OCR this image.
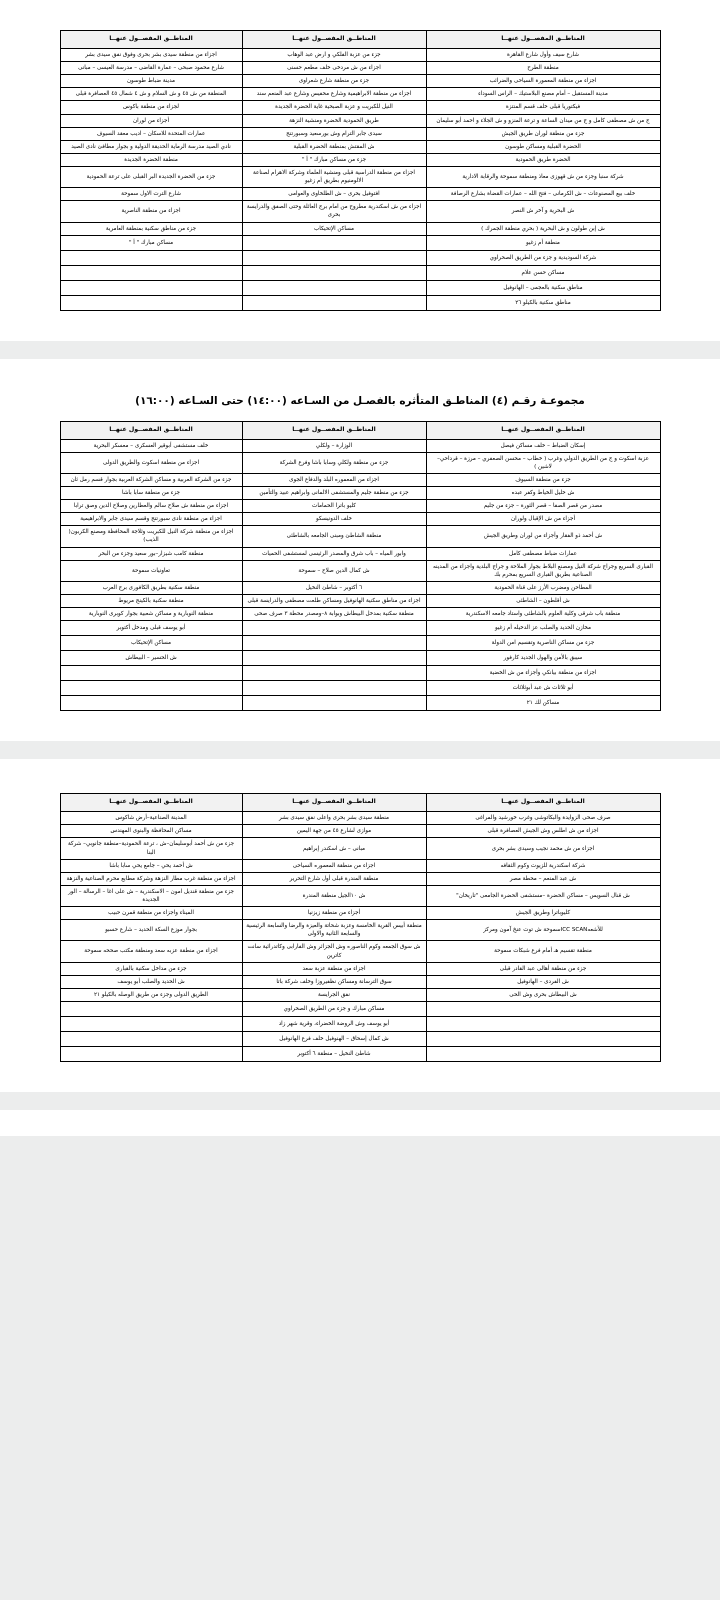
المناطــق المفصــول عنهــا	المناطــق المفصــول عنهــا	المناطــق المفصــول عنهــا
شارع سيف وأول شارع القاهرة	جزء من عزبة الفلكي و ارض عبد الوهاب	اجزاء من منطقة سيدى بشر بحرى وفوق نفق سيدى بشر
منطقة الطرح	اجزاء من ش مردخى خلف مطعم حسنى	شارع محمود صبحى – عمارة القاضى – مدرسة العيسى – مبانى
اجزاء من منطقة المعمورة السياحى والضرائب	جزء من منطقة شارع شعراوى	مدينة ضباط طوسون
مدينة المستقبل – أمام مصنع البلاستيك – الراس السوداء	اجزاء من منطقة الابراهيمية وشارع محفيس وشارع عبد المنعم سند	المنطقة من ش ٤٥ و ش السلام و ش ٤ شمال ٤٥ العصافرة قبلى
فيكتوريا قبلى خلف قسم المنتزة	النيل للكبريت و عزبة الصبحية غاية الحضرة الجديدة	لجزاء من منطقة باكوس
ج من ش مصطفى كامل و ج من ميدان الساعة و ترعة المنزو و ش الجلاء و احمد أبو سليمان	طريق الحمودية الخضرة ومنشية النزهة	أجزاء من لوران
جزء من منطقة لوران طريق الجيش	سيدى جابر الترام وش بورسعيد وسبورتنج	عمارات المتحدة للاسكان – اديب معقد السيوف
الحضرة القبلية ومساكن طوسون	ش المقتش بمنطقة الحضرة القبلية	نادي الصيد مدرسة الرماية الحديقة الدولية و بجوار مطافئ نادى الصيد
الحضرة طريق الحمودية	جزء من مساكن مبارك " أ "	منطقة الخضرة الجديدة
شركة سنبا وجزء من ش قهوزى معاذ ومنطقة سموحة والرقابة الادارية	اجزاء من منطقة الدراسية قبلى ومنشية العلماء وشركة الاهرام لصناعة الالومنيوم بطريق أم زغيو	جزء من الحضرة الجديدة البر القبلى على ترعة الحمودية
خلف بيع المصنوعات – ش الكرمانى – فتح الله – عمارات القضاة بشارع الرصافة	افتوفيل بحرى – ش الطلخاوى والعوامى	شارع الترت الاول سموحة
ش البحرية و آخر ش النصر	اجزاء من ش اسكندرية مطروح من امام برج العائلة وحتى الصفق والدرايسة بحرى	اجزاء من منطقة الناصرية
ش إبن طولون و ش البحرية ( بحري منطقة الجمرك )	مساكن الإتحيكاب	جزء من مناطق سكنية بمنطقة العامرية
منطقة أم زغيو		مساكن مبارك " أ "
شركة السوديدية و جزء من الطريق الصحراوي		
مساكن حسن علام		
مناطق سكنية بالعجمى – الهانوفيل		
مناطق سكنية بالكيلو ٢٦		
مجموعـة رقـم (٤) المناطـق المتأثره بالفصـل من السـاعه (١٤:٠٠) حتى السـاعه (١٦:٠٠)
المناطــق المفصــول عنهــا	المناطــق المفصــول عنهــا	المناطــق المفصــول عنهــا
إسكان الضباط – خلف مساكن فيصل	الوزارة – ولكلي	خلف مستشفى أبوقير العسكرى – معسكر البحرية
عزبة اسكوت و ج من الطريق الدولي وغرب ( خطاب – محسن الصعفري – مرزة – قرداحي– لاشين )	جزء من منطقة ولكلي وسابا باشا وفرع الشركة	اجزاء من منطقة اسكوت والطريق الدولى
جزء من منطقة السيوف	اجزاء من المعموره البلد والدفاع الجوى	جزء من الشركة العربية و مساكن الشركة العربية بجوار قسم رمل ثان
ش خليل الخياط وكفر عبده	جزء من منطقة جليم والمستشفى الالمانى وابراهيم عبيد والتأمين	جزء من منطقة سابا باشا
مصدر من قصر الصفا – قصر الثورة – جزء من جليم	كليو باترا الحمامات	اجزاء من منطقة ش صلاح سالم والعطارين وصلاح الدين وصق ترابا
أجزاء من ش الإقبال ولوران	خلف الدونيسكو	اجزاء من منطقة نادى سبورتنج وقسم سيدى جابر والابراهيمية
ش أحمد ذو الفقار وأجزاء من لوران وطريق الجيش	منطقة الشاطئ ومبنى الجامعه بالشاطئى	اجزاء من منطقة شركة النيل للكبريت وثلاجة المحافظة ومصنع الكربون( الذيب)
عمارات ضباط مصطفى كامل	وابور المياه – باب شرق والمصدر الرئيسى لمستشفى الحميات	منطقة كامب شيزار–بور سعيد وجزء من البحر
القبارى السريع وجراج شركة النيل ومصنع البلاط بجوار الملاحة و جراج البلدية واجزاء من المدينه الصناعية بطريق القبارى السريع بمحرم بك	ش كمال الدين صلاح – سموحة	تعاونيات سموحة
المطاحن ومضرب الأرز على قناة الحمودية	٦ أكتوبر – شاطئ النخيل	منطقة سكنية بطريق الكافورى برج العرب
ش أقلطون – الشاطئى	اجزاء من مناطق سكنية الهانوفيل ومساكن طلعت مصطفى والدرايسة قبلى	منطقة سكنية بالكينج مريوط
منطقة باب شرقى وكلية العلوم بالشاطئى واستاد جامعه الاسكندرية	منطقة سكنية بمدخل البيطاش وبوابة ٨–ومصدر محطة ٣ صرف صحى	منطقة النوبارية و مساكن شعبية بجوار كوبرى النوبارية
مخازن الحديد والصلب عز الدخيله أم زغيو		أبو يوسف قبلى ومدخل أكتوبر
جزء من مساكن الناصرية وتقسيم امن الدولة		مساكن الإتحيكاب
سيبق بالأمن والهول الجديد كارفور		ش الحسير – البيطاش
اجزاء من منطقة بيانكي وأجزاء من ش الخضية		
أبو ثلاثات ش عبد أبوثلاثات		
مساكن لك ٢١		
المناطــق المفصــول عنهــا	المناطــق المفصــول عنهــا	المناطــق المفصــول عنهــا
صرف صحى الزوايدة والبكاتوشى وغرب خورشيد والمراغى	منطقة سيدى بشر بحرى واعلى نفق سيدى بشر	المدينة الصناعية–أرض شاكوس
اجزاء من ش اطلس وش الجيش العصافرة قبلى	موازى لشارع ٤٥ من جهة اليمين	مساكن المحافظة والبنوى المهندس
اجزاء من ش محمد نجيب وسيدى بشر بحرى	مبانى – ش اسكندر إبراهيم	جزء من ش أحمد أبوسليمان–ش ، ترعة الحمودية–منطقة جانوبي– شركة البنا
شركة اسكندرية للزيوت وكوم الثقافه	اجزاء من منطقة المعموره السياحى	ش أحمد يحي – جامع يحي سابا باشا
ش عبد المنعم – محطة مصر	منطقة المندرة قبلى أول شارع التحرير	اجزاء من منطقة غرب مطار النزهة وشركة مطابع محرم الصناعية والنزهة
ش قنال السويس – مساكن الحضرة –مستشفى الحضرة الجامعى "تاريخان"	ش ١٠الجيل منطقة المندرة	جزء من منطقة قنديل امون – الاسكندرية – ش على اغا – الرسالة – الور الجديدة
كليوباترا وطريق الجيش	أجزاء من منطقة زيزنيا	الميناء واجزاء من منطقة قمرن حبيب
للأشعهICC SCANسموحة ش توت عنخ آمون ومركز	منطقة أبيس القرية الخامسة وعزبة شحاتة والعيزة والرضا والسابعة الرئيسية والسابعة الثانية والاولى	بجوار موزع السكة الحديد – شارع حسبو
منطقة تقسيم هـ أمام فرع شبكات سموحة	ش سوق الجمعه وكوم الناصوره وش الجزائر وش الفارابى وكاتدرائية سانت كاترين	اجزاء من منطقة عزبه سعد ومنطقة مكتب صححه سموحة
جزء من منطقة أهالى عبد القادر قبلى	اجزاء من منطقة عزبة سعد	جزء من مداخل سكنية بالقبارى
ش الفردى – الهانوفيل	سوق الترسانة ومساكن نظفيروزا وخلف شركة باتا	ش الحديد والصلب أبو يوسف
ش البيطاش بحرى وش الحى	نفق الجرايسة	الطريق الدولى وجزء من طريق الوصله بالكيلو ٢١
	مساكن مبارك و جزء من الطريق الصحراوي	
	أبو يوسف وش الروضة الخضراء، وقرية شهر زاد	
	ش كمال إسحاق – الهنوفيل خلف فرع الهانوفيل	
	شاطئ النخيل – منطقة ٦ أكتوبر	
